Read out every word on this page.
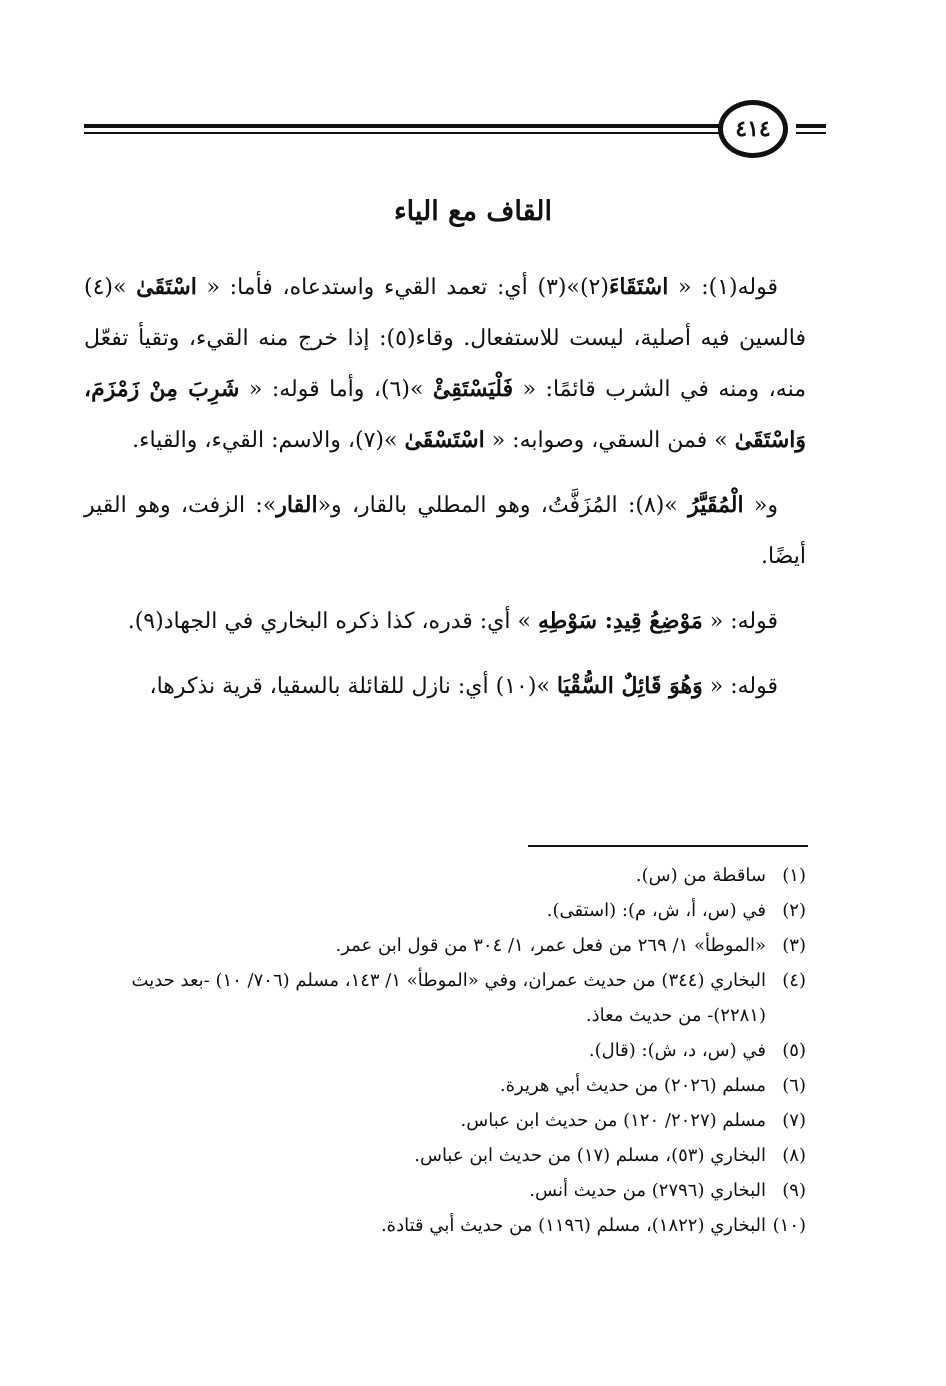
٤١٤
القاف مع الياء

قوله(١): « اسْتَقَاءَ(٢)»(٣) أي: تعمد القيء واستدعاه، فأما: « اسْتَقَىٰ »(٤) فالسين فيه أصلية، ليست للاستفعال. وقاء(٥): إذا خرج منه القيء، وتقيأ تفعّل منه، ومنه في الشرب قائمًا: « فَلْيَسْتَقِئْ »(٦)، وأما قوله: « شَرِبَ مِنْ زَمْزَمَ، وَاسْتَقَىٰ » فمن السقي، وصوابه: « اسْتَسْقَىٰ »(٧)، والاسم: القيء، والقياء.

و« الْمُقَيَّرُ »(٨): المُزَفَّتُ، وهو المطلي بالقار، و«القار»: الزفت، وهو القير أيضًا.

قوله: « مَوْضِعُ قِيدِ: سَوْطِهِ » أي: قدره، كذا ذكره البخاري في الجهاد(٩).

قوله: « وَهُوَ قَائِلٌ السُّقْيَا »(١٠) أي: نازل للقائلة بالسقيا، قرية نذكرها،

(١)
ساقطة من (س).
(٢)
في (س، أ، ش، م): (استقى).
(٣)
«الموطأ» ١/ ٢٦٩ من فعل عمر، ١/ ٣٠٤ من قول ابن عمر.
(٤)
البخاري (٣٤٤) من حديث عمران، وفي «الموطأ» ١/ ١٤٣، مسلم (٧٠٦/ ١٠) -بعد حديث (٢٢٨١)- من حديث معاذ.
(٥)
في (س، د، ش): (قال).
(٦)
مسلم (٢٠٢٦) من حديث أبي هريرة.
(٧)
مسلم (٢٠٢٧/ ١٢٠) من حديث ابن عباس.
(٨)
البخاري (٥٣)، مسلم (١٧) من حديث ابن عباس.
(٩)
البخاري (٢٧٩٦) من حديث أنس.
(١٠)
البخاري (١٨٢٢)، مسلم (١١٩٦) من حديث أبي قتادة.
